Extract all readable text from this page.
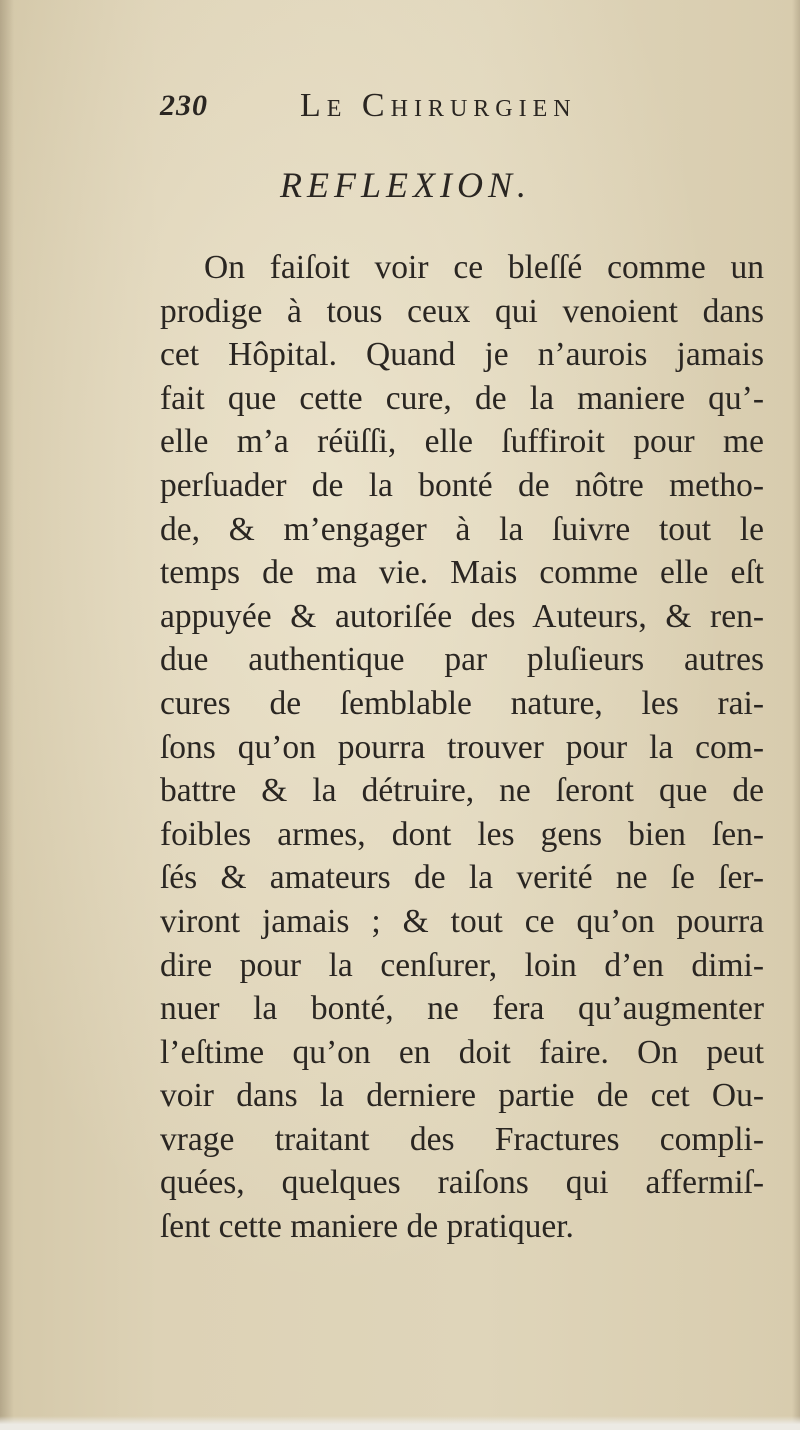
230	Le Chirurgien
REFLEXION.
On faiſoit voir ce bleſſé comme un
prodige à tous ceux qui venoient dans
cet Hôpital. Quand je n’aurois jamais
fait que cette cure, de la maniere qu’-
elle m’a réüſſi, elle ſuffiroit pour me
perſuader de la bonté de nôtre metho-
de, & m’engager à la ſuivre tout le
temps de ma vie. Mais comme elle eſt
appuyée & autoriſée des Auteurs, & ren-
due authentique par pluſieurs autres
cures de ſemblable nature, les rai-
ſons qu’on pourra trouver pour la com-
battre & la détruire, ne ſeront que de
foibles armes, dont les gens bien ſen-
ſés & amateurs de la verité ne ſe ſer-
viront jamais ; & tout ce qu’on pourra
dire pour la cenſurer, loin d’en dimi-
nuer la bonté, ne fera qu’augmenter
l’eſtime qu’on en doit faire. On peut
voir dans la derniere partie de cet Ou-
vrage traitant des Fractures compli-
quées, quelques raiſons qui affermiſ-
ſent cette maniere de pratiquer.
